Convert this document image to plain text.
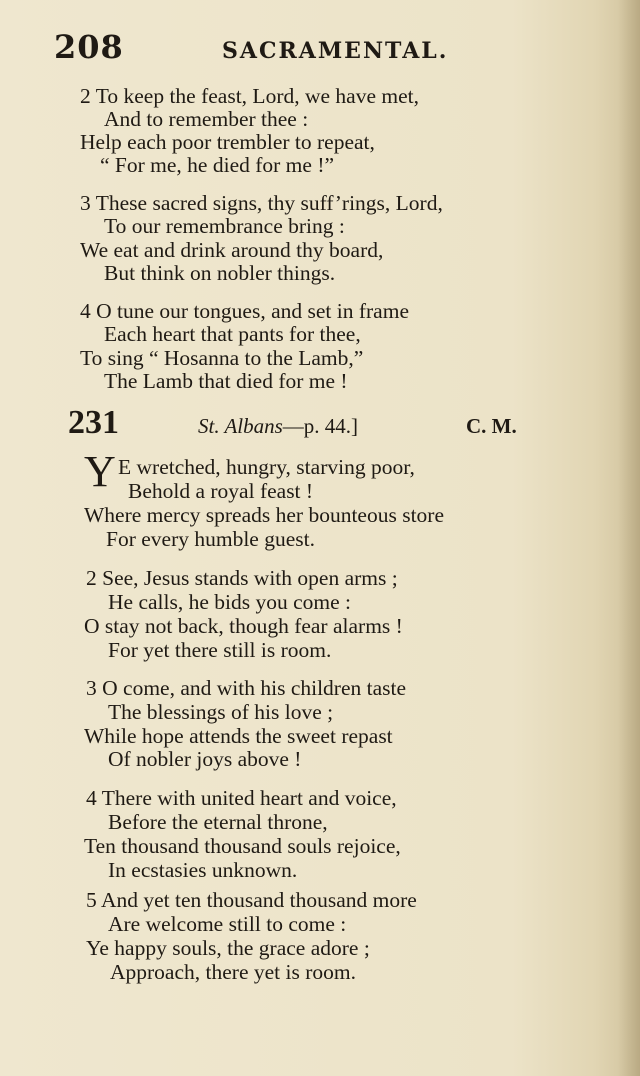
208	SACRAMENTAL.
2 To keep the feast, Lord, we have met,
And to remember thee :
Help each poor trembler to repeat,
“ For me, he died for me !”
3 These sacred signs, thy suff’rings, Lord,
To our remembrance bring :
We eat and drink around thy board,
But think on nobler things.
4 O tune our tongues, and set in frame
Each heart that pants for thee,
To sing “ Hosanna to the Lamb,”
The Lamb that died for me !
231	St. Albans—p. 44.]	C. M.
Y E wretched, hungry, starving poor,
Behold a royal feast !
Where mercy spreads her bounteous store
For every humble guest.
2 See, Jesus stands with open arms ;
He calls, he bids you come :
O stay not back, though fear alarms !
For yet there still is room.
3 O come, and with his children taste
The blessings of his love ;
While hope attends the sweet repast
Of nobler joys above !
4 There with united heart and voice,
Before the eternal throne,
Ten thousand thousand souls rejoice,
In ecstasies unknown.
5 And yet ten thousand thousand more
Are welcome still to come :
Ye happy souls, the grace adore ;
Approach, there yet is room.
